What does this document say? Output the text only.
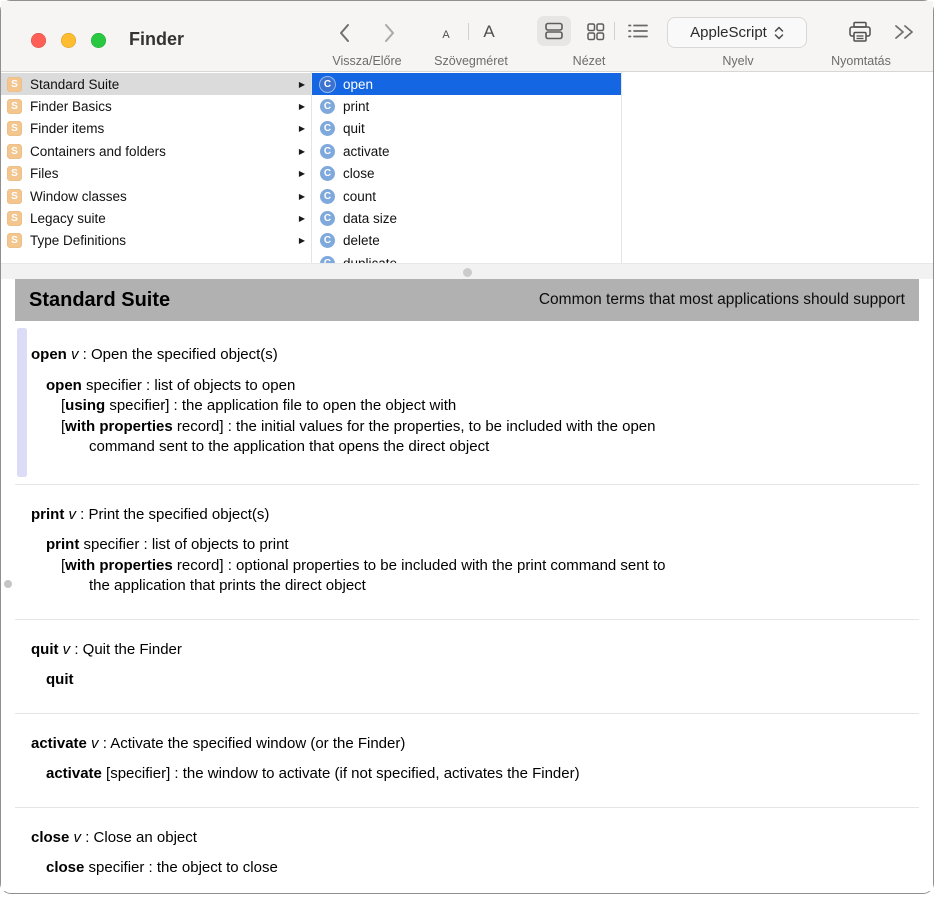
Finder
Vissza/Előre
A	A
Szövegméret	Nézet
AppleScript
Nyelv	Nyomtatás
S Standard Suite	▶
S Finder Basics	▶
S Finder items	▶
S Containers and folders	▶
S Files	▶
S Window classes	▶
S Legacy suite	▶
S Type Definitions	▶
C open
C print
C quit
C activate
C close
C count
C data size
C delete
Standard Suite	Common terms that most applications should support
open v : Open the specified object(s)
open specifier : list of objects to open
[using specifier] : the application file to open the object with
[with properties record] : the initial values for the properties, to be included with the open
command sent to the application that opens the direct object
print v : Print the specified object(s)
print specifier : list of objects to print
[with properties record] : optional properties to be included with the print command sent to
the application that prints the direct object
quit v : Quit the Finder
quit
activate v : Activate the specified window (or the Finder)
activate [specifier] : the window to activate (if not specified, activates the Finder)
close v : Close an object
close specifier : the object to close
